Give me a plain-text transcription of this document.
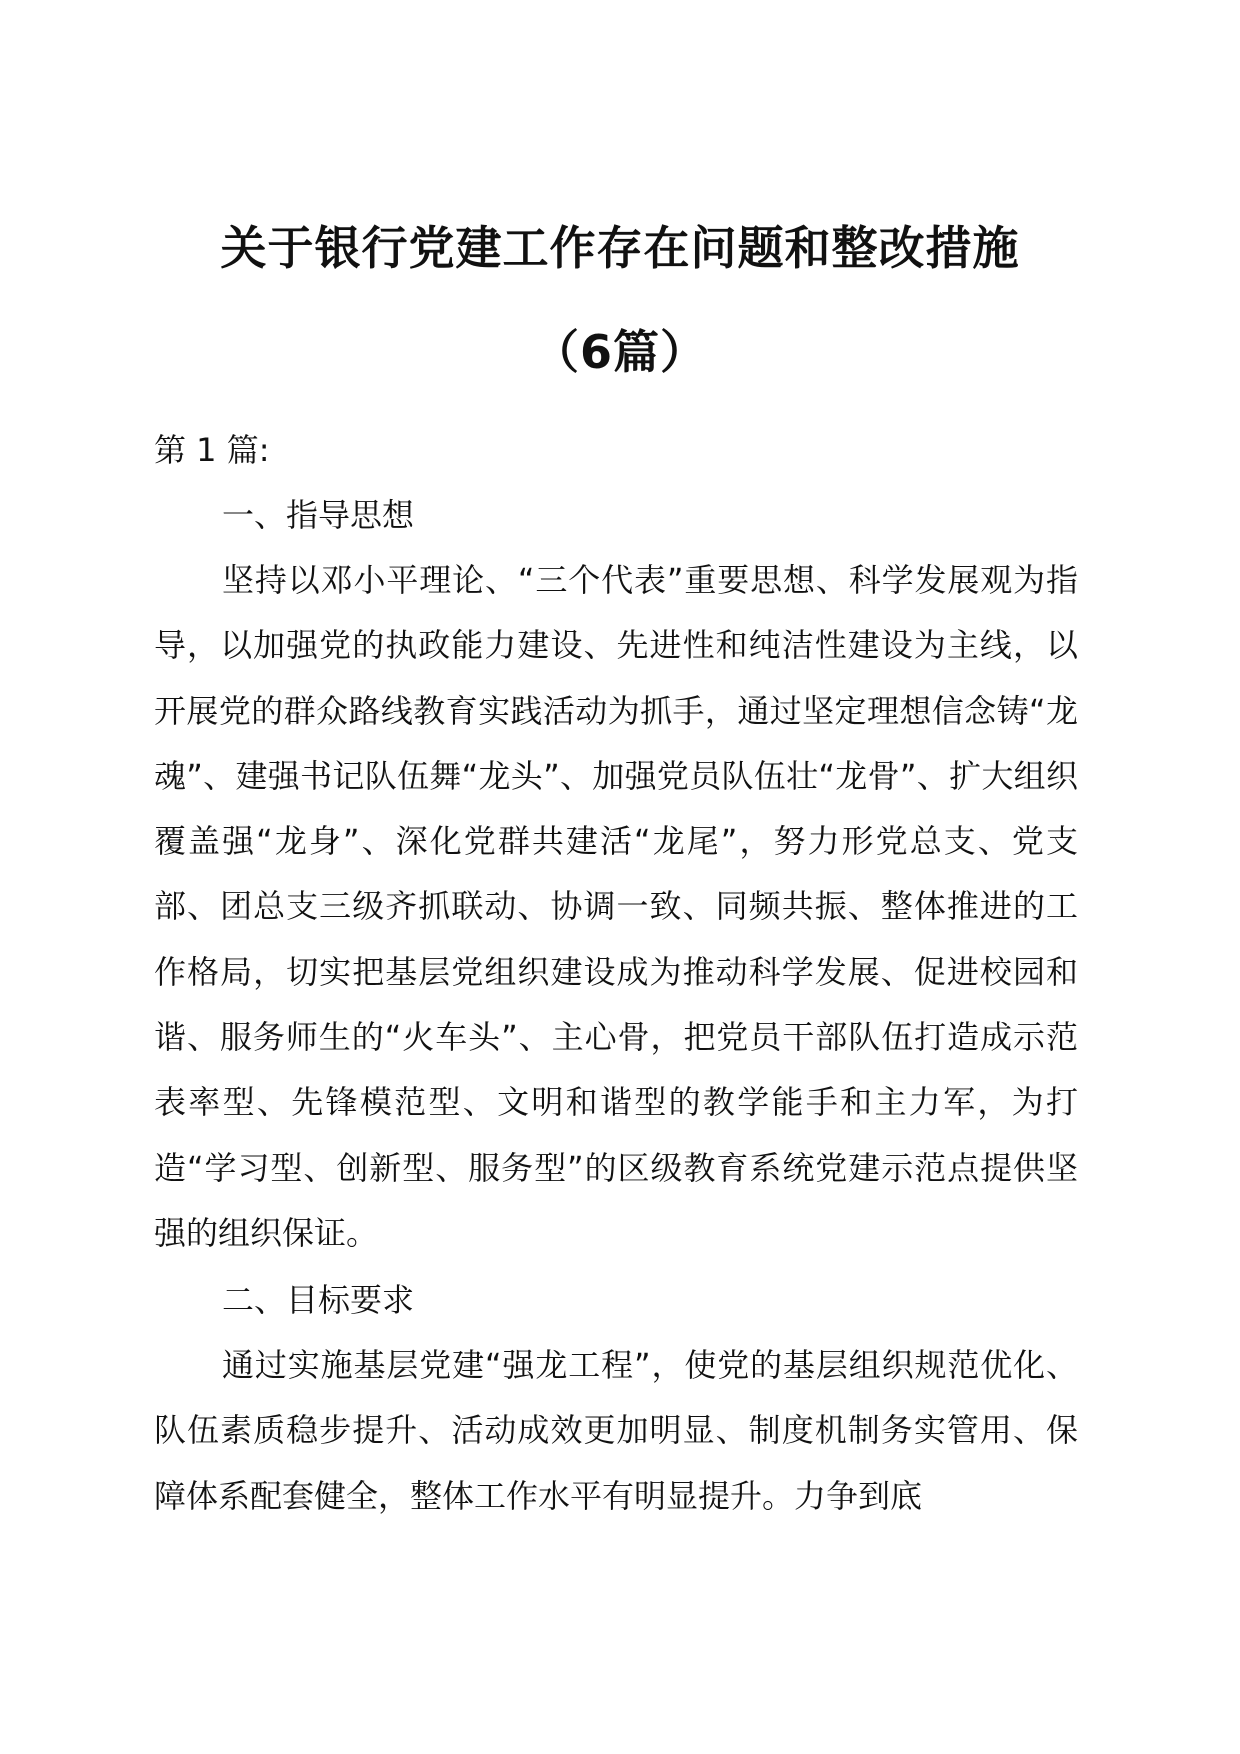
关于银行党建工作存在问题和整改措施
（6篇）

第 1 篇:

一、指导思想

坚持以邓小平理论、“三个代表”重要思想、科学发展观为指导，以加强党的执政能力建设、先进性和纯洁性建设为主线，以开展党的群众路线教育实践活动为抓手，通过坚定理想信念铸“龙魂”、建强书记队伍舞“龙头”、加强党员队伍壮“龙骨”、扩大组织覆盖强“龙身”、深化党群共建活“龙尾”，努力形党总支、党支部、团总支三级齐抓联动、协调一致、同频共振、整体推进的工作格局，切实把基层党组织建设成为推动科学发展、促进校园和谐、服务师生的“火车头”、主心骨，把党员干部队伍打造成示范表率型、先锋模范型、文明和谐型的教学能手和主力军，为打造“学习型、创新型、服务型”的区级教育系统党建示范点提供坚强的组织保证。

二、目标要求

通过实施基层党建“强龙工程”，使党的基层组织规范优化、队伍素质稳步提升、活动成效更加明显、制度机制务实管用、保障体系配套健全，整体工作水平有明显提升。力争到底
